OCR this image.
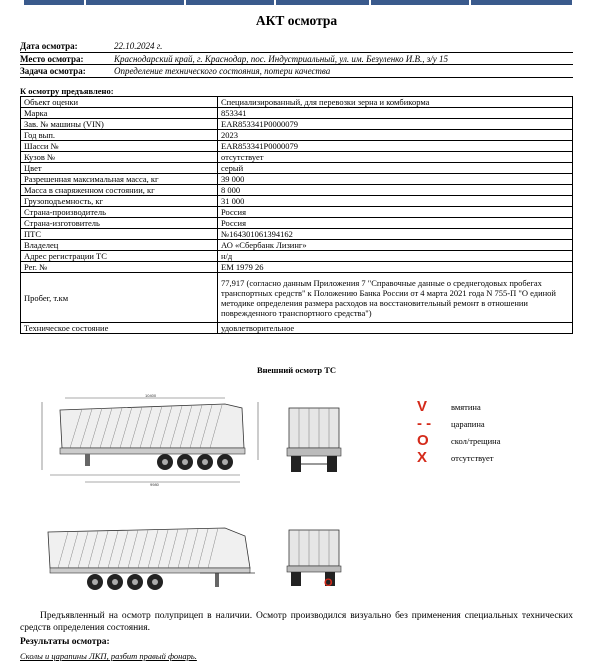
АКТ осмотра
Дата осмотра:	22.10.2024 г.
Место осмотра:	Краснодарский край, г. Краснодар, пос. Индустриальный, ул. им. Безуленко И.В., з/у 15
Задача осмотра:	Определение технического состояния, потери качества
К осмотру предъявлено:
Объект оценки	Специализированный, для перевозки зерна и комбикорма
Марка	853341
Зав. № машины (VIN)	EAR853341P0000079
Год вып.	2023
Шасси №	EAR853341P0000079
Кузов №	отсутствует
Цвет	серый
Разрешенная максимальная масса, кг	39 000
Масса в снаряженном состоянии, кг	8 000
Грузоподъемность, кг	31 000
Страна-производитель	Россия
Страна-изготовитель	Россия
ПТС	№164301061394162
Владелец	АО «Сбербанк Лизинг»
Адрес регистрации ТС	н/д
Рег. №	ЕМ 1979 26
Пробег, т.км	77,917 (согласно данным Приложения 7 "Справочные данные о среднегодовых пробегах транспортных средств" к Положению Банка России от 4 марта 2021 года N 755-П "О единой методике определения размера расходов на восстановительный ремонт в отношении поврежденного транспортного средства")
Техническое состояние	удовлетворительное
Внешний осмотр ТС
10400
9980
O
V	вмятина
- -	царапина
O	скол/трещина
X	отсутствует
Предъявленный на осмотр полуприцеп в наличии. Осмотр производился визуально без применения специальных технических средств определения состояния.
Результаты осмотра:
Сколы и царапины ЛКП, разбит правый фонарь.
